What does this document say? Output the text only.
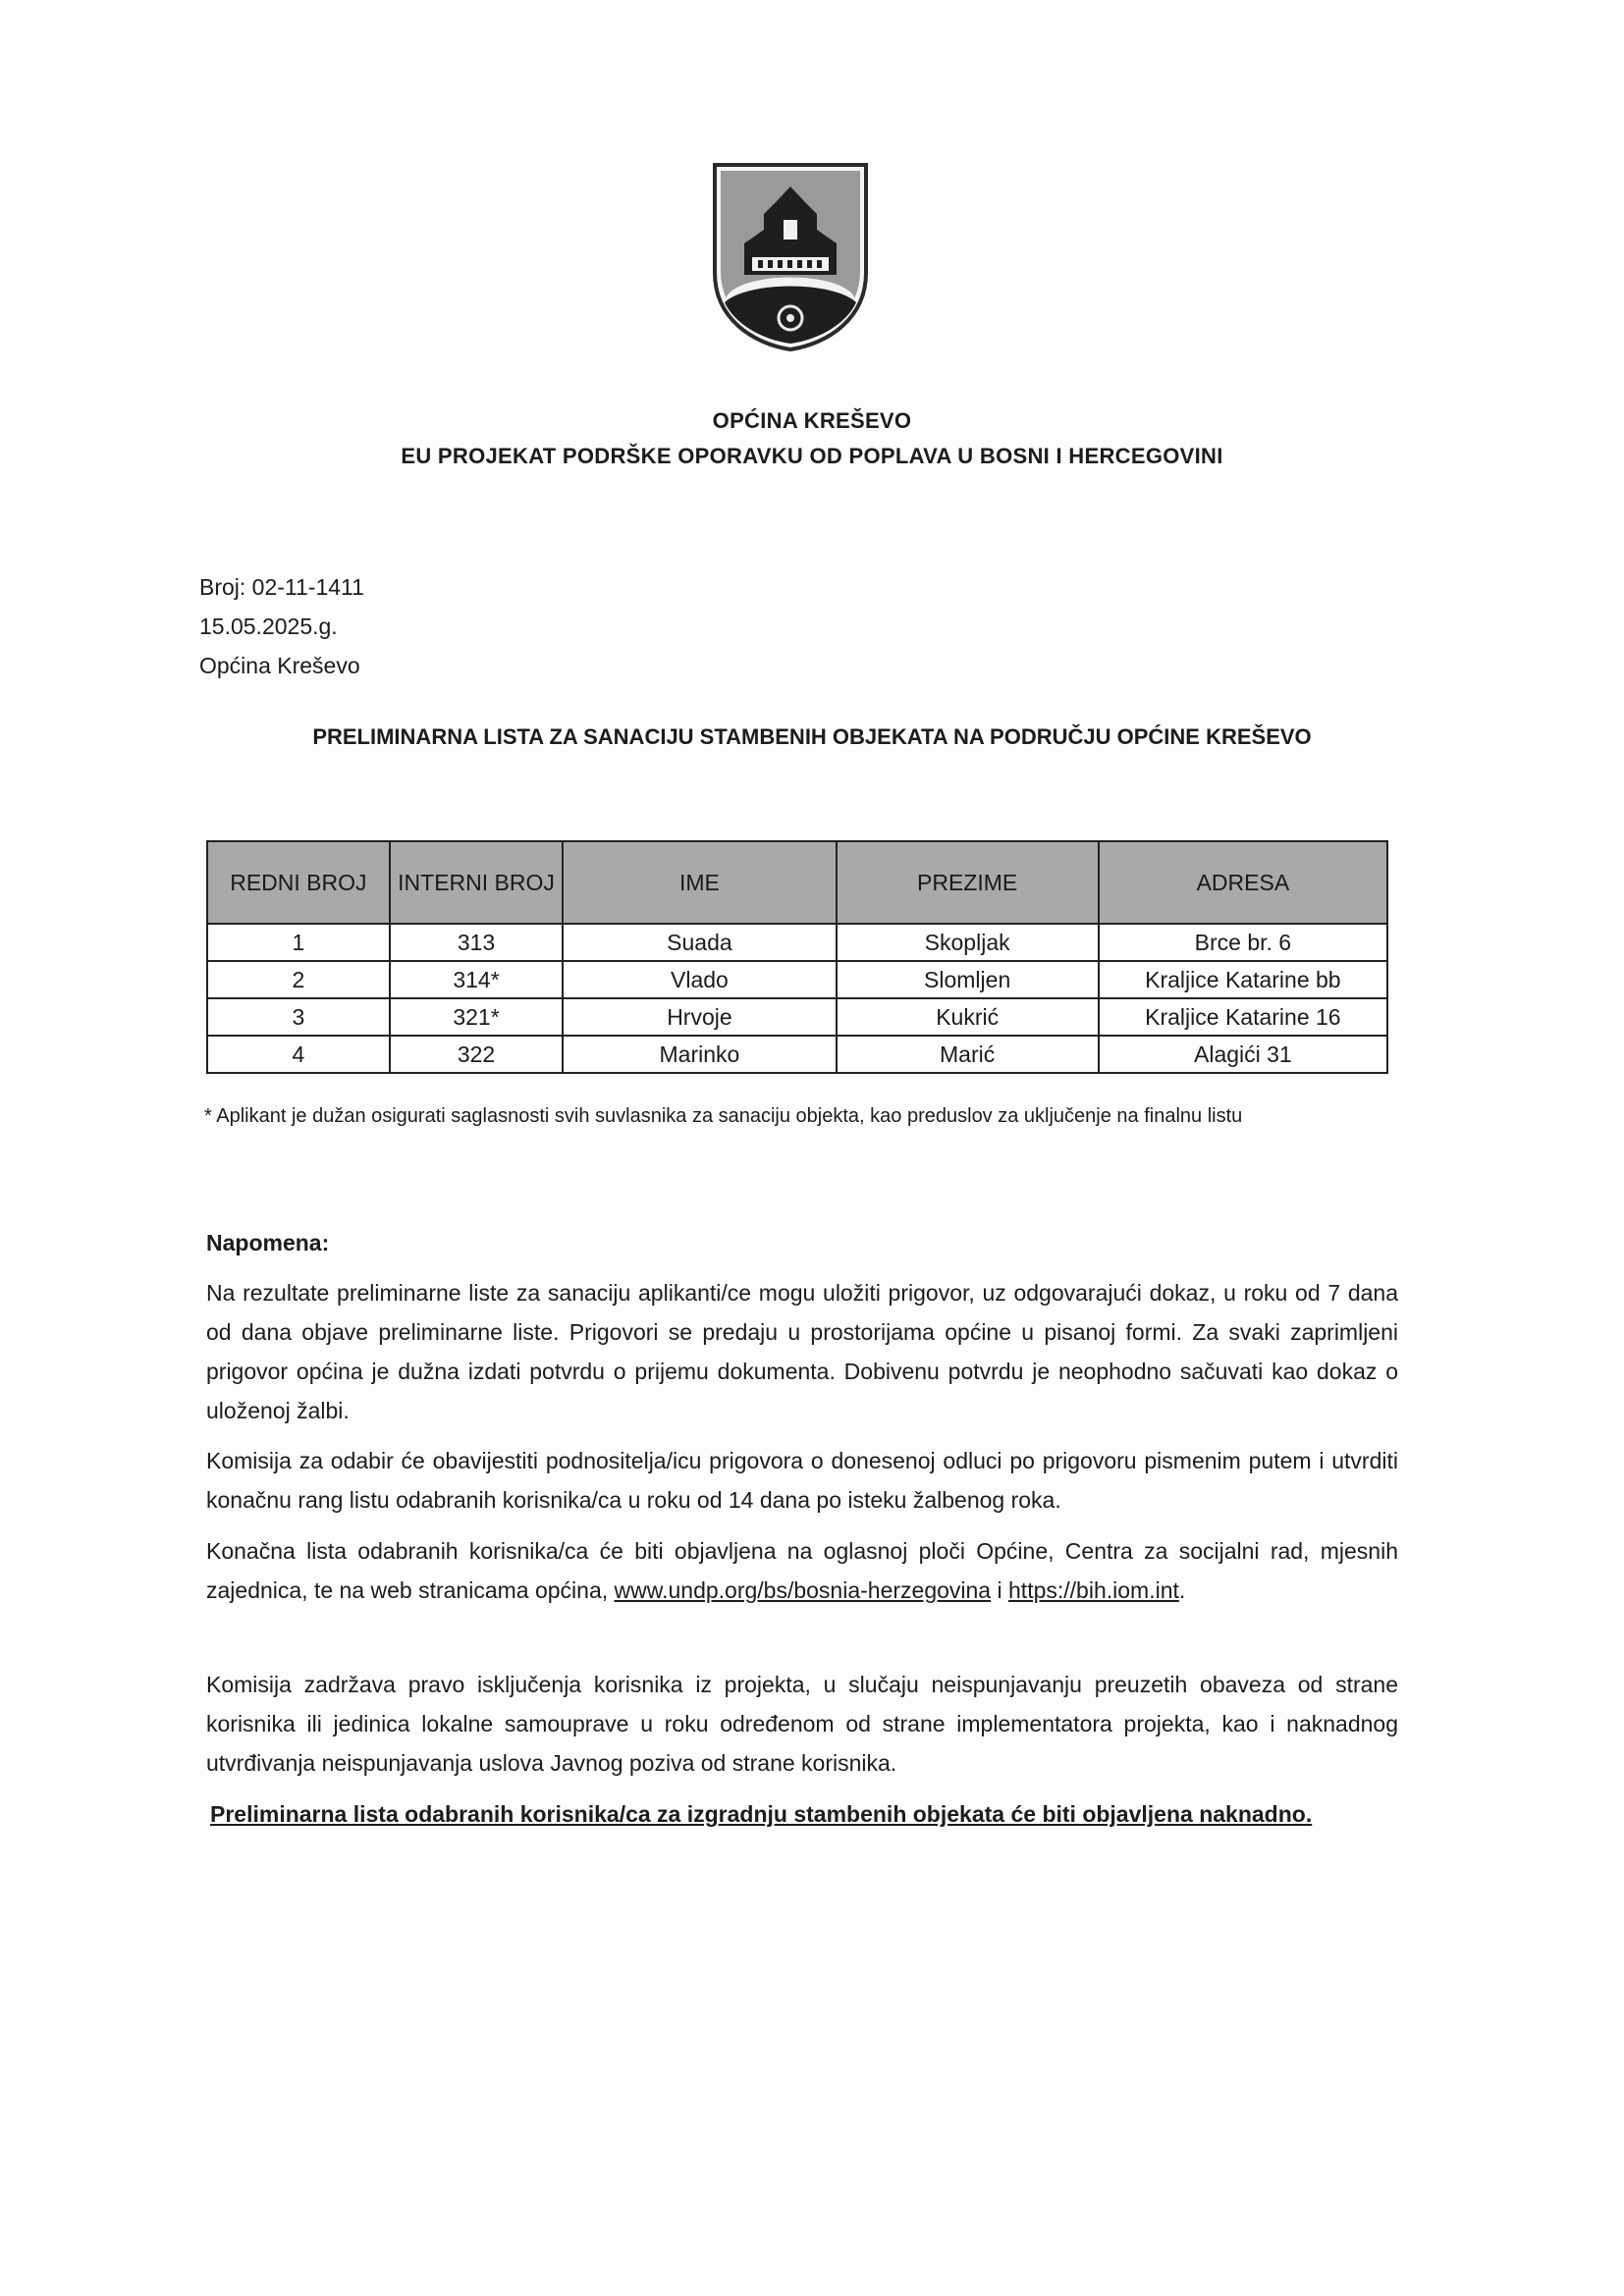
OPĆINA KREŠEVO
EU PROJEKAT PODRŠKE OPORAVKU OD POPLAVA U BOSNI I HERCEGOVINI
Broj: 02-11-1411
15.05.2025.g.
Općina Kreševo
PRELIMINARNA LISTA ZA SANACIJU STAMBENIH OBJEKATA NA PODRUČJU OPĆINE KREŠEVO
REDNI BROJ	INTERNI BROJ	IME	PREZIME	ADRESA
1	313	Suada	Skopljak	Brce br. 6
2	314*	Vlado	Slomljen	Kraljice Katarine bb
3	321*	Hrvoje	Kukrić	Kraljice Katarine 16
4	322	Marinko	Marić	Alagići 31
* Aplikant je dužan osigurati saglasnosti svih suvlasnika za sanaciju objekta, kao preduslov za uključenje na finalnu listu
Napomena:
Na rezultate preliminarne liste za sanaciju aplikanti/ce mogu uložiti prigovor, uz odgovarajući dokaz, u roku od 7 dana od dana objave preliminarne liste. Prigovori se predaju u prostorijama općine u pisanoj formi. Za svaki zaprimljeni prigovor općina je dužna izdati potvrdu o prijemu dokumenta. Dobivenu potvrdu je neophodno sačuvati kao dokaz o uloženoj žalbi.
Komisija za odabir će obavijestiti podnositelja/icu prigovora o donesenoj odluci po prigovoru pismenim putem i utvrditi konačnu rang listu odabranih korisnika/ca u roku od 14 dana po isteku žalbenog roka.
Konačna lista odabranih korisnika/ca će biti objavljena na oglasnoj ploči Općine, Centra za socijalni rad, mjesnih zajednica, te na web stranicama općina, www.undp.org/bs/bosnia-herzegovina i https://bih.iom.int.
Komisija zadržava pravo isključenja korisnika iz projekta, u slučaju neispunjavanju preuzetih obaveza od strane korisnika ili jedinica lokalne samouprave u roku određenom od strane implementatora projekta, kao i naknadnog utvrđivanja neispunjavanja uslova Javnog poziva od strane korisnika.
Preliminarna lista odabranih korisnika/ca za izgradnju stambenih objekata će biti objavljena naknadno.
